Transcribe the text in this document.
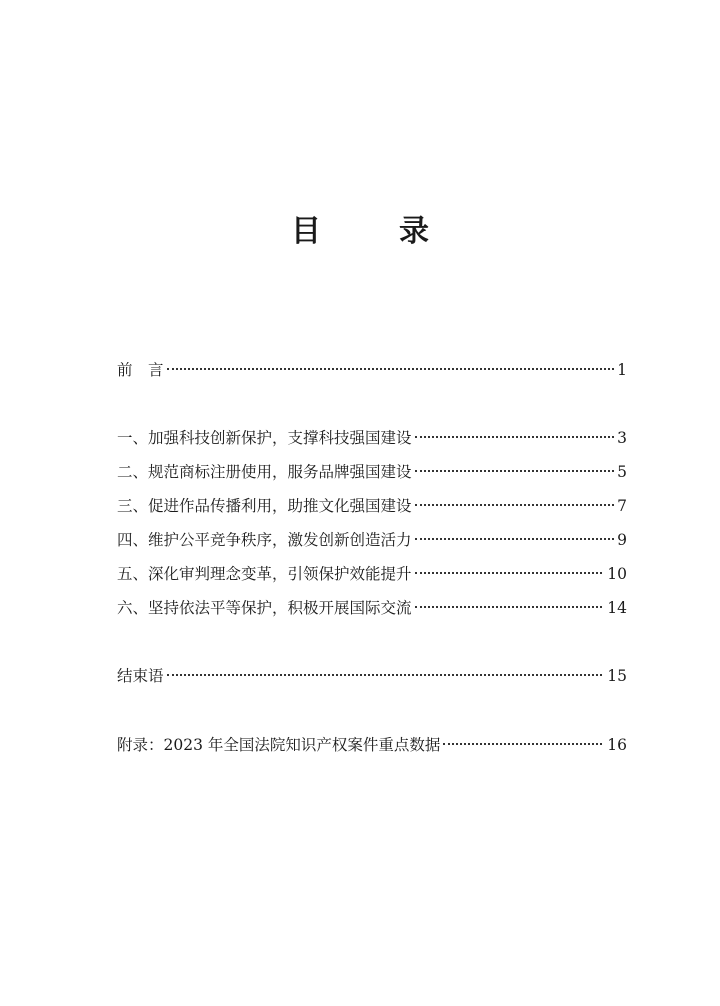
目　录
前　言	1
一、加强科技创新保护，支撑科技强国建设	3
二、规范商标注册使用，服务品牌强国建设	5
三、促进作品传播利用，助推文化强国建设	7
四、维护公平竞争秩序，激发创新创造活力	9
五、深化审判理念变革，引领保护效能提升	10
六、坚持依法平等保护，积极开展国际交流	14
结束语	15
附录：2023 年全国法院知识产权案件重点数据	16
